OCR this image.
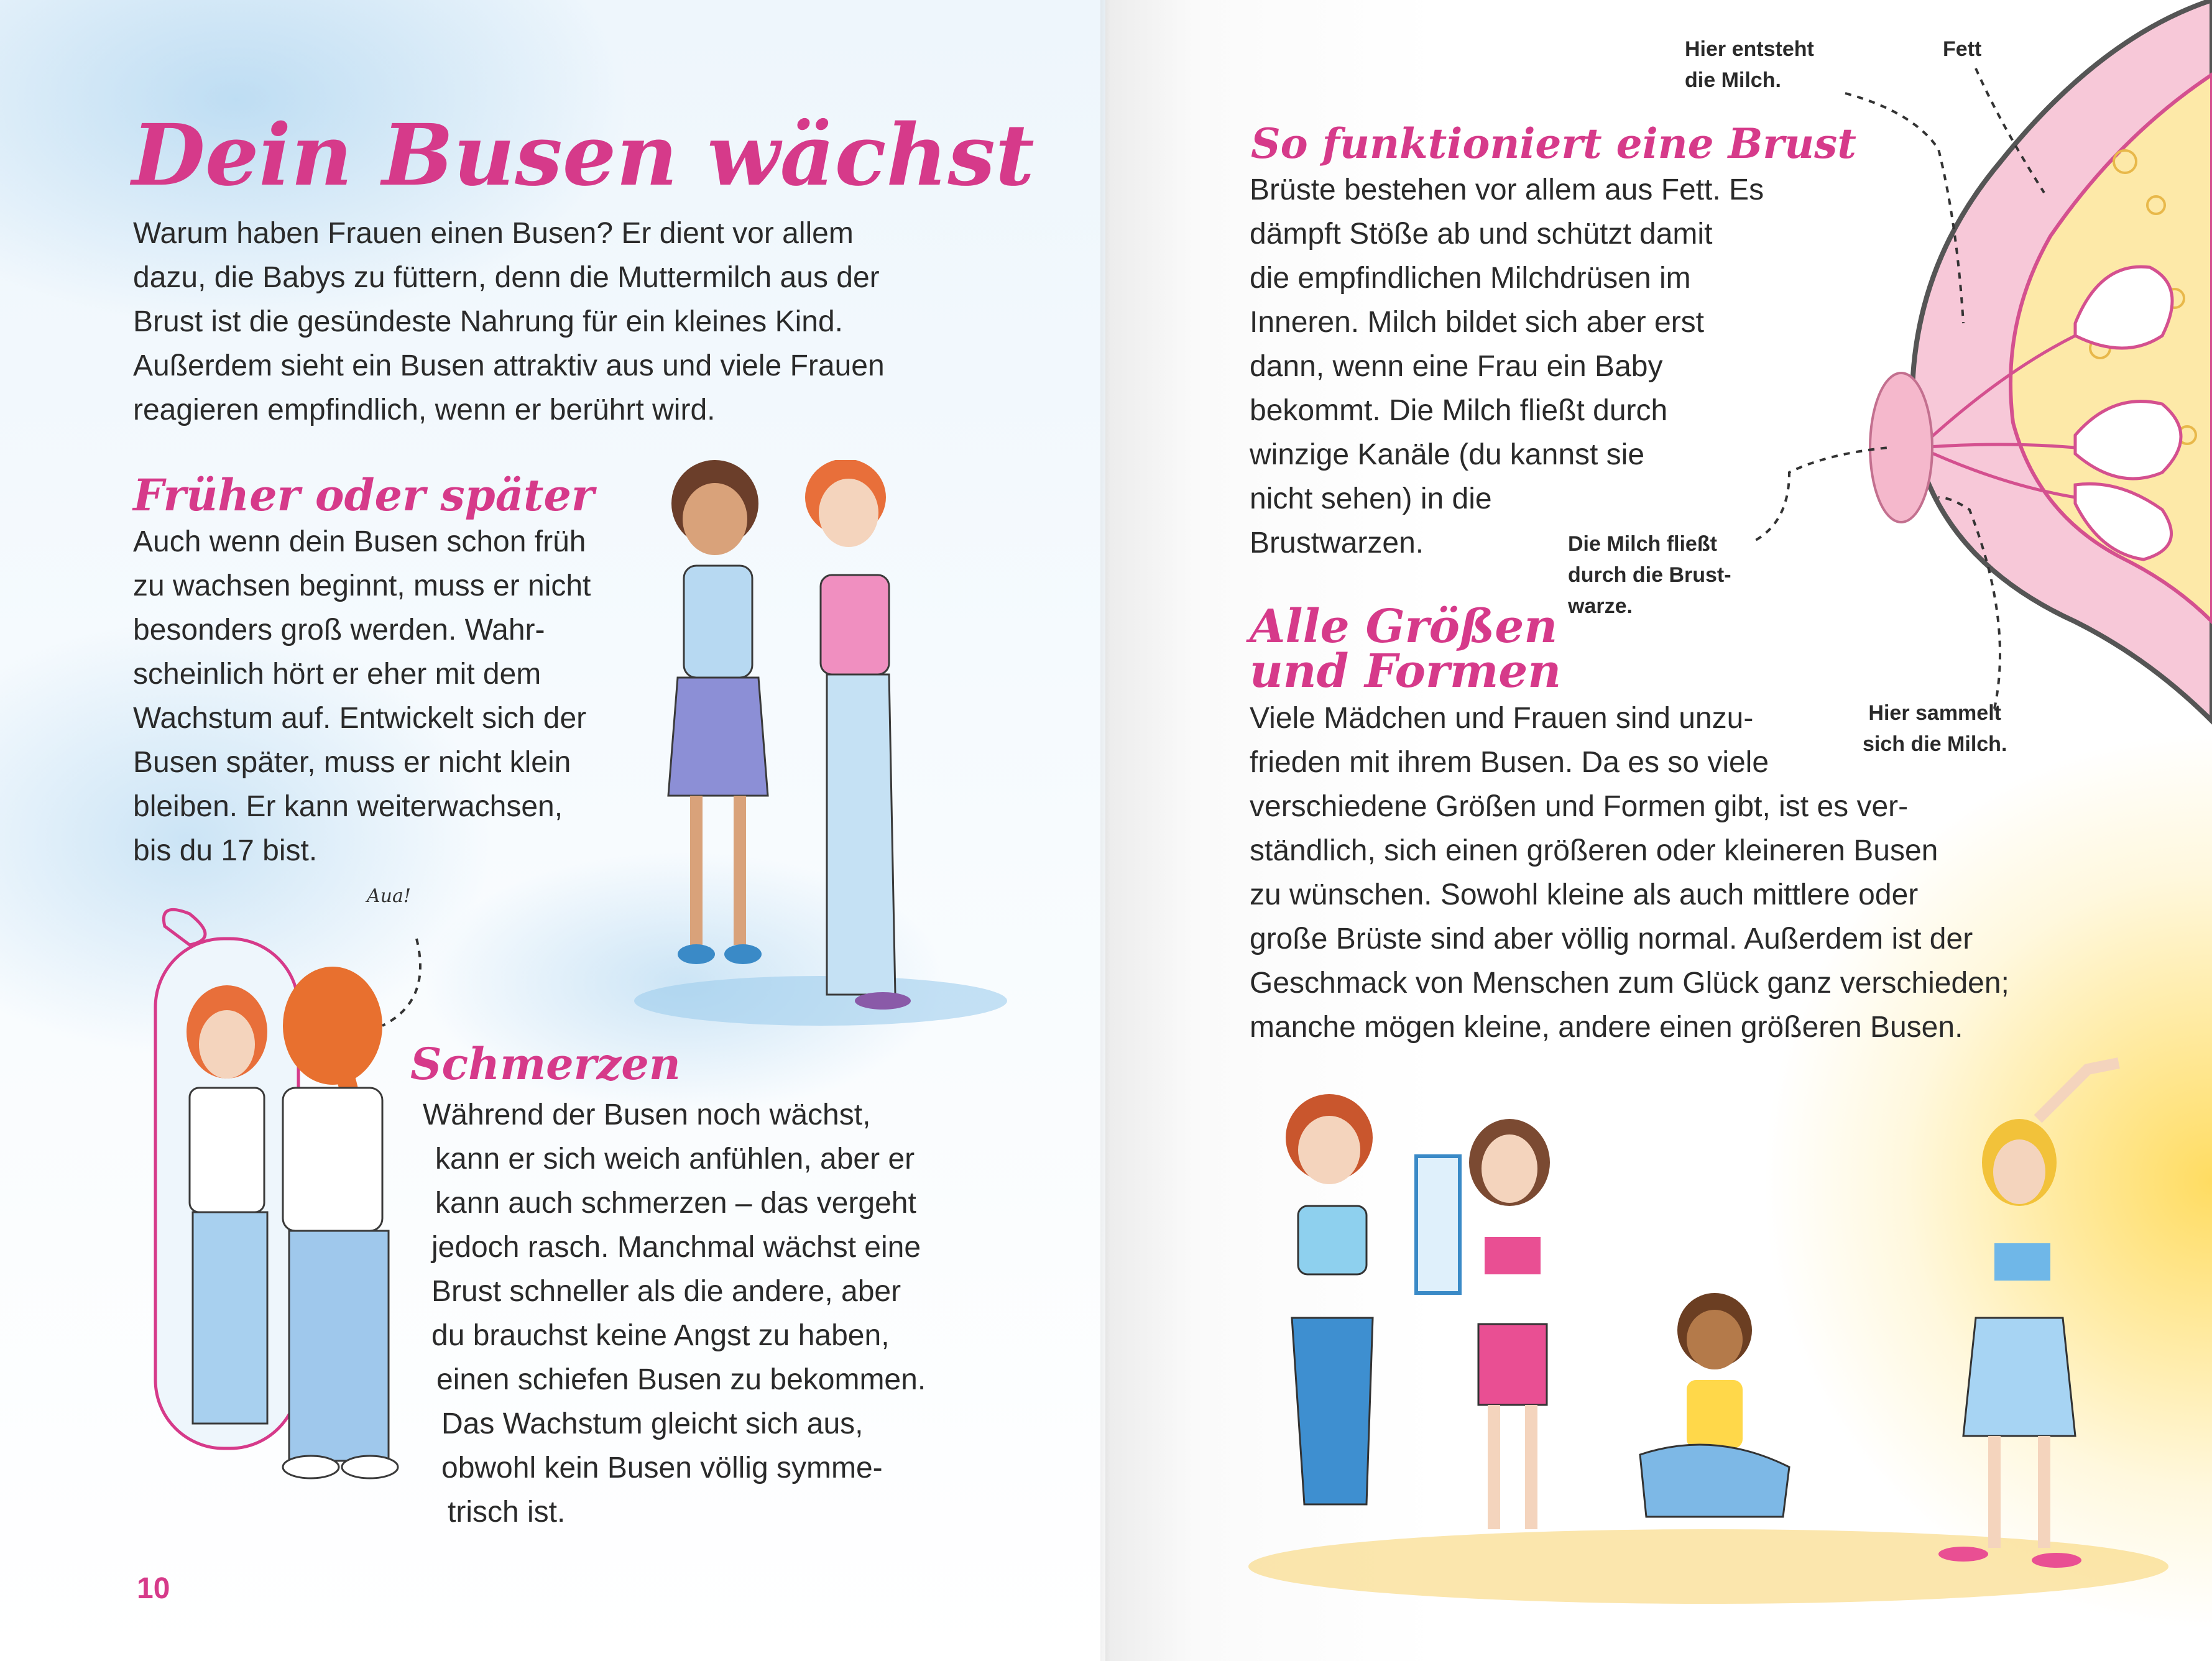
Dein Busen wächst
Warum haben Frauen einen Busen? Er dient vor allem
dazu, die Babys zu füttern, denn die Muttermilch aus der
Brust ist die gesündeste Nahrung für ein kleines Kind.
Außerdem sieht ein Busen attraktiv aus und viele Frauen
reagieren empfindlich, wenn er berührt wird.
Früher oder später
Auch wenn dein Busen schon früh
zu wachsen beginnt, muss er nicht
besonders groß werden. Wahr-
scheinlich hört er eher mit dem
Wachstum auf. Entwickelt sich der
Busen später, muss er nicht klein
bleiben. Er kann weiterwachsen,
bis du 17 bist.
Aua!
Schmerzen
Während der Busen noch wächst,
kann er sich weich anfühlen, aber er
kann auch schmerzen – das vergeht
jedoch rasch. Manchmal wächst eine
Brust schneller als die andere, aber
du brauchst keine Angst zu haben,
einen schiefen Busen zu bekommen.
Das Wachstum gleicht sich aus,
obwohl kein Busen völlig symme-
trisch ist.
10
Hier entsteht
die Milch.
Fett
Die Milch fließt
durch die Brust-
warze.
Hier sammelt
sich die Milch.
So funktioniert eine Brust
Brüste bestehen vor allem aus Fett. Es
dämpft Stöße ab und schützt damit
die empfindlichen Milchdrüsen im
Inneren. Milch bildet sich aber erst
dann, wenn eine Frau ein Baby
bekommt. Die Milch fließt durch
winzige Kanäle (du kannst sie
nicht sehen) in die
Brustwarzen.
Alle Größen
und Formen
Viele Mädchen und Frauen sind unzu-
frieden mit ihrem Busen. Da es so viele
verschiedene Größen und Formen gibt, ist es ver-
ständlich, sich einen größeren oder kleineren Busen
zu wünschen. Sowohl kleine als auch mittlere oder
große Brüste sind aber völlig normal. Außerdem ist der
Geschmack von Menschen zum Glück ganz verschieden;
manche mögen kleine, andere einen größeren Busen.
